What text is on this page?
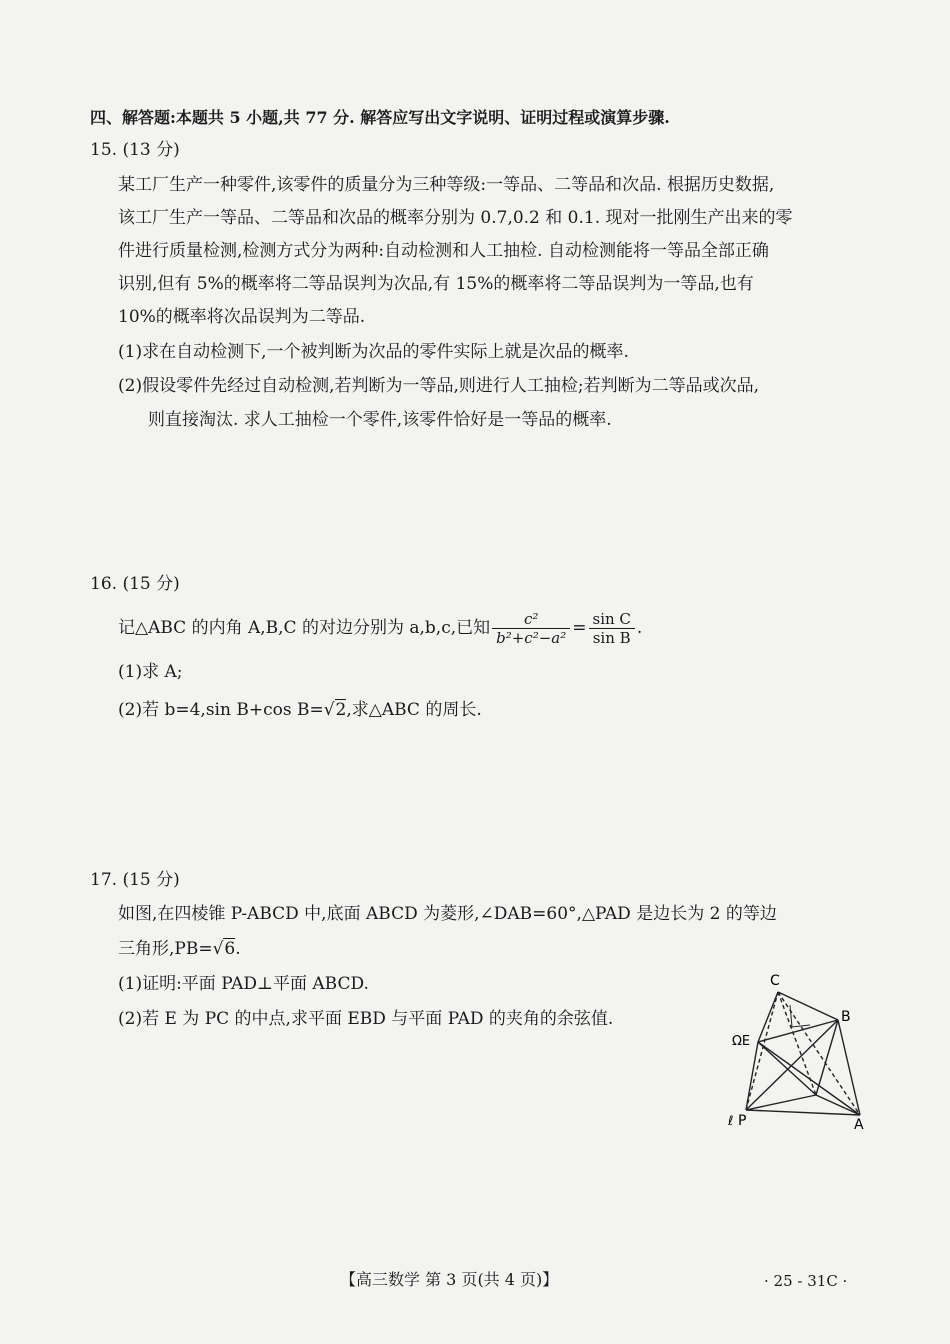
四、解答题:本题共 5 小题,共 77 分. 解答应写出文字说明、证明过程或演算步骤.
15. (13 分)
某工厂生产一种零件,该零件的质量分为三种等级:一等品、二等品和次品. 根据历史数据,
该工厂生产一等品、二等品和次品的概率分别为 0.7,0.2 和 0.1. 现对一批刚生产出来的零
件进行质量检测,检测方式分为两种:自动检测和人工抽检. 自动检测能将一等品全部正确
识别,但有 5%的概率将二等品误判为次品,有 15%的概率将二等品误判为一等品,也有
10%的概率将次品误判为二等品.
(1)求在自动检测下,一个被判断为次品的零件实际上就是次品的概率.
(2)假设零件先经过自动检测,若判断为一等品,则进行人工抽检;若判断为二等品或次品,
则直接淘汰. 求人工抽检一个零件,该零件恰好是一等品的概率.
16. (15 分)
记△ABC 的内角 A,B,C 的对边分别为 a,b,c,已知 $\frac{\text{c²}}{\text{b²+c²−a²}} = \frac{\text{sin C}}{\text{sin B}}$ .
(1)求 A;
(2)若 b=4,sin B+cos B=√2,求△ABC 的周长.
17. (15 分)
如图,在四棱锥 P-ABCD 中,底面 ABCD 为菱形,∠DAB=60°,△PAD 是边长为 2 的等边
三角形,PB=√6.
(1)证明:平面 PAD⊥平面 ABCD.
(2)若 E 为 PC 的中点,求平面 EBD 与平面 PAD 的夹角的余弦值.
C
B
ΩE
P	A
ℓ
【高三数学 第 3 页(共 4 页)】	· 25 - 31C ·
